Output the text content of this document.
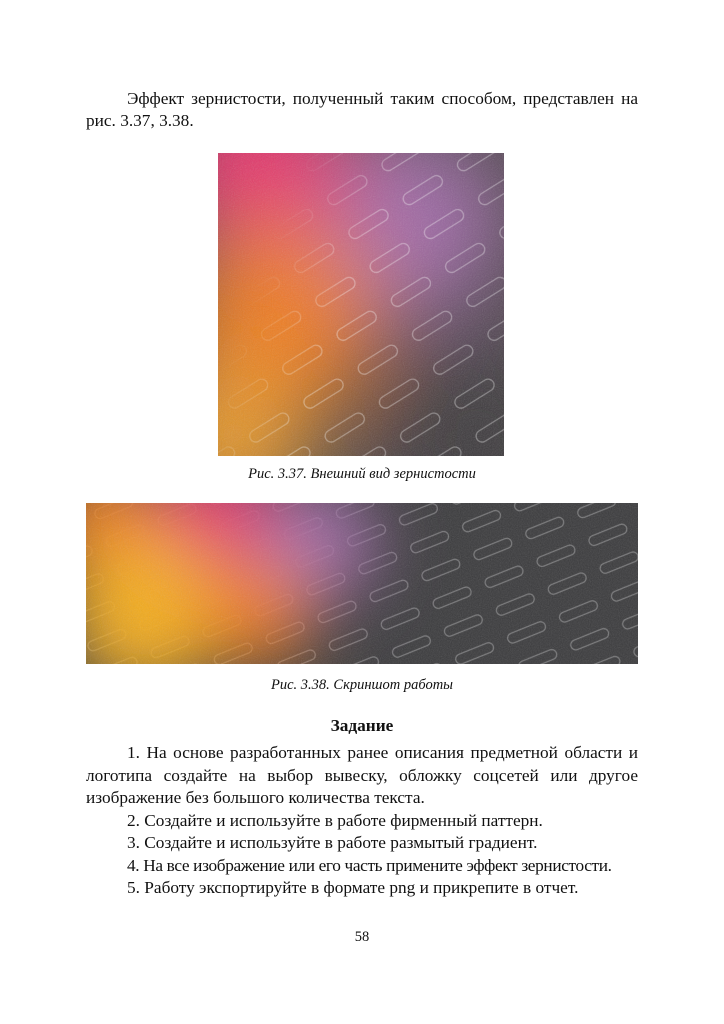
Эффект зернистости, полученный таким способом, представлен на рис. 3.37, 3.38.
Рис. 3.37. Внешний вид зернистости
Рис. 3.38. Скриншот работы
Задание
1. На основе разработанных ранее описания предметной области и логотипа создайте на выбор вывеску, обложку соцсетей или другое изображение без большого количества текста.
2. Создайте и используйте в работе фирменный паттерн.
3. Создайте и используйте в работе размытый градиент.
4. На все изображение или его часть примените эффект зернистости.
5. Работу экспортируйте в формате png и прикрепите в отчет.
58
